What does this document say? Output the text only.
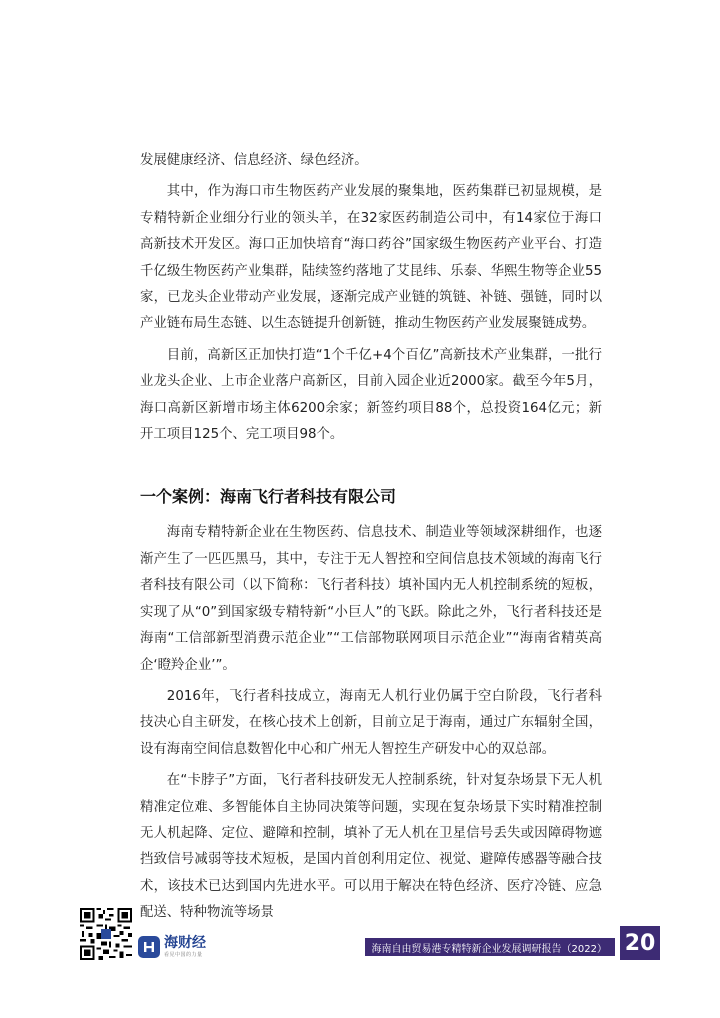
发展健康经济、信息经济、绿色经济。

其中，作为海口市生物医药产业发展的聚集地，医药集群已初显规模，是专精特新企业细分行业的领头羊，在32家医药制造公司中，有14家位于海口高新技术开发区。海口正加快培育“海口药谷”国家级生物医药产业平台、打造千亿级生物医药产业集群，陆续签约落地了艾昆纬、乐泰、华熙生物等企业55家，已龙头企业带动产业发展，逐渐完成产业链的筑链、补链、强链，同时以产业链布局生态链、以生态链提升创新链，推动生物医药产业发展聚链成势。

目前，高新区正加快打造“1个千亿+4个百亿”高新技术产业集群，一批行业龙头企业、上市企业落户高新区，目前入园企业近2000家。截至今年5月，海口高新区新增市场主体6200余家；新签约项目88个，总投资164亿元；新开工项目125个、完工项目98个。

一个案例：海南飞行者科技有限公司

海南专精特新企业在生物医药、信息技术、制造业等领域深耕细作，也逐渐产生了一匹匹黑马，其中，专注于无人智控和空间信息技术领域的海南飞行者科技有限公司（以下简称：飞行者科技）填补国内无人机控制系统的短板，实现了从“0”到国家级专精特新“小巨人”的飞跃。除此之外，飞行者科技还是海南“工信部新型消费示范企业”“工信部物联网项目示范企业”“海南省精英高企‘瞪羚企业’”。

2016年，飞行者科技成立，海南无人机行业仍属于空白阶段，飞行者科技决心自主研发，在核心技术上创新，目前立足于海南，通过广东辐射全国，设有海南空间信息数智化中心和广州无人智控生产研发中心的双总部。

在“卡脖子”方面，飞行者科技研发无人控制系统，针对复杂场景下无人机精准定位难、多智能体自主协同决策等问题，实现在复杂场景下实时精准控制无人机起降、定位、避障和控制，填补了无人机在卫星信号丢失或因障碍物遮挡致信号减弱等技术短板，是国内首创利用定位、视觉、避障传感器等融合技术，该技术已达到国内先进水平。可以用于解决在特色经济、医疗冷链、应急配送、特种物流等场景

海财经
看见中国的力量
海南自由贸易港专精特新企业发展调研报告（2022） 20
